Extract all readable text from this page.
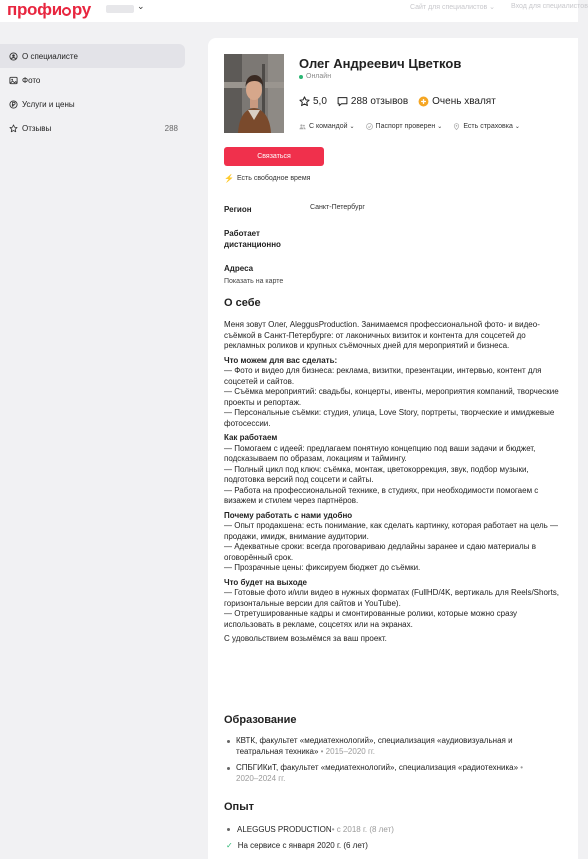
профи ру	⌄	Сайт для специалистов ⌄ Вход для специалистов
О специалисте
Фото
Услуги и цены
Отзывы	288
Олег Андреевич Цветков
Онлайн
5,0 288 отзывов Очень хвалят
С командой ⌄	Паспорт проверен ⌄	Есть страховка ⌄
Связаться
⚡ Есть свободное время
Регион	Санкт-Петербург
Работает дистанционно
Адреса
Показать на карте
О себе

Меня зовут Олег, AleggusProduction. Занимаемся профессиональной фото- и видео-съёмкой в Санкт-Петербурге: от лаконичных визиток и контента для соцсетей до рекламных роликов и крупных съёмочных дней для мероприятий и бизнеса.

Что можем для вас сделать:
— Фото и видео для бизнеса: реклама, визитки, презентации, интервью, контент для соцсетей и сайтов.
— Съёмка мероприятий: свадьбы, концерты, ивенты, мероприятия компаний, творческие проекты и репортаж.
— Персональные съёмки: студия, улица, Love Story, портреты, творческие и имиджевые фотосессии.

Как работаем
— Помогаем с идеей: предлагаем понятную концепцию под ваши задачи и бюджет, подсказываем по образам, локациям и таймингу.
— Полный цикл под ключ: съёмка, монтаж, цветокоррекция, звук, подбор музыки, подготовка версий под соцсети и сайты.
— Работа на профессиональной технике, в студиях, при необходимости помогаем с визажем и стилем через партнёров.

Почему работать с нами удобно
— Опыт продакшена: есть понимание, как сделать картинку, которая работает на цель — продажи, имидж, внимание аудитории.
— Адекватные сроки: всегда проговариваю дедлайны заранее и сдаю материалы в оговорённый срок.
— Прозрачные цены: фиксируем бюджет до съёмки.

Что будет на выходе
— Готовые фото и/или видео в нужных форматах (FullHD/4K, вертикаль для Reels/Shorts, горизонтальные версии для сайтов и YouTube).
— Отретушированные кадры и смонтированные ролики, которые можно сразу использовать в рекламе, соцсетях или на экранах.

С удовольствием возьмёмся за ваш проект.

Образование
КВТК, факультет «медиатехнологий», специализация «аудиовизуальная и театральная техника» • 2015–2020 гг.
СПБГИКиТ, факультет «медиатехнологий», специализация «радиотехника» • 2020–2024 гг.
Опыт
ALEGGUS PRODUCTION • с 2018 г. (8 лет)
✓ На сервисе с января 2020 г. (6 лет)
